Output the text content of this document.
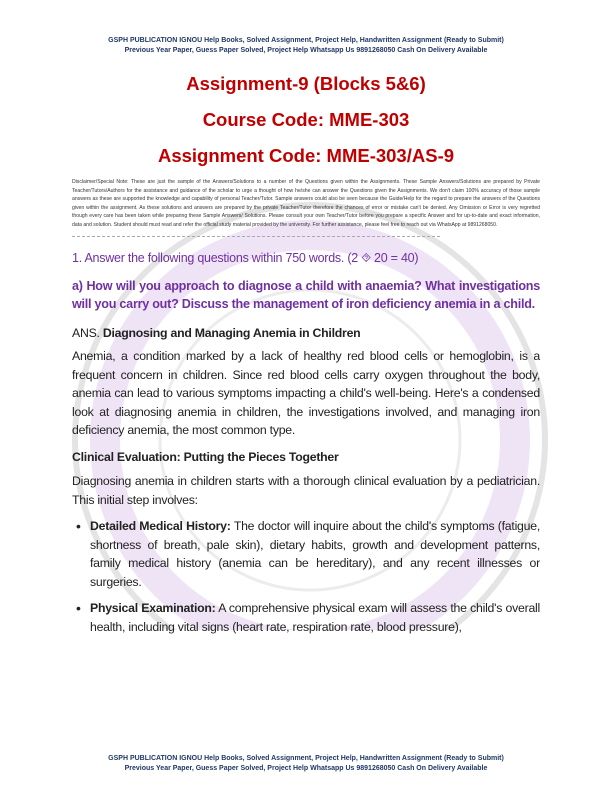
GSPH PUBLICATION IGNOU Help Books, Solved Assignment, Project Help, Handwritten Assignment (Ready to Submit)
Previous Year Paper, Guess Paper Solved, Project Help Whatsapp Us 9891268050 Cash On Delivery Available
Assignment-9 (Blocks 5&6)
Course Code: MME-303
Assignment Code: MME-303/AS-9
Disclaimer/Special Note: These are just the sample of the Answers/Solutions to a number of the Questions given within the Assignments. These Sample Answers/Solutions are prepared by Private Teacher/Tutors/Authors for the assistance and guidance of the scholar to urge a thought of how he/she can answer the Questions given the Assignments. We don't claim 100% accuracy of those sample answers as these are supported the knowledge and capability of personal Teacher/Tutor. Sample answers could also be seen because the Guide/Help for the regard to prepare the answers of the Questions given within the assignment. As these solutions and answers are prepared by the private Teacher/Tutor therefore the chances of error or mistake can't be denied. Any Omission or Error is very regretted though every care has been taken while preparing these Sample Answers/ Solutions. Please consult your own Teacher/Tutor before you prepare a specific Answer and for up-to-date and exact information, data and solution. Student should must read and refer the official study material provided by the university. For further assistance, please feel free to reach out via WhatsApp at 9891268050.
1. Answer the following questions within 750 words. (2 ⯑ 20 = 40)
a) How will you approach to diagnose a child with anaemia? What investigations will you carry out? Discuss the management of iron deficiency anemia in a child.
ANS. Diagnosing and Managing Anemia in Children
Anemia, a condition marked by a lack of healthy red blood cells or hemoglobin, is a frequent concern in children. Since red blood cells carry oxygen throughout the body, anemia can lead to various symptoms impacting a child's well-being. Here's a condensed look at diagnosing anemia in children, the investigations involved, and managing iron deficiency anemia, the most common type.
Clinical Evaluation: Putting the Pieces Together
Diagnosing anemia in children starts with a thorough clinical evaluation by a pediatrician. This initial step involves:
• Detailed Medical History: The doctor will inquire about the child's symptoms (fatigue, shortness of breath, pale skin), dietary habits, growth and development patterns, family medical history (anemia can be hereditary), and any recent illnesses or surgeries.
• Physical Examination: A comprehensive physical exam will assess the child's overall health, including vital signs (heart rate, respiration rate, blood pressure),
GSPH PUBLICATION IGNOU Help Books, Solved Assignment, Project Help, Handwritten Assignment (Ready to Submit)
Previous Year Paper, Guess Paper Solved, Project Help Whatsapp Us 9891268050 Cash On Delivery Available
